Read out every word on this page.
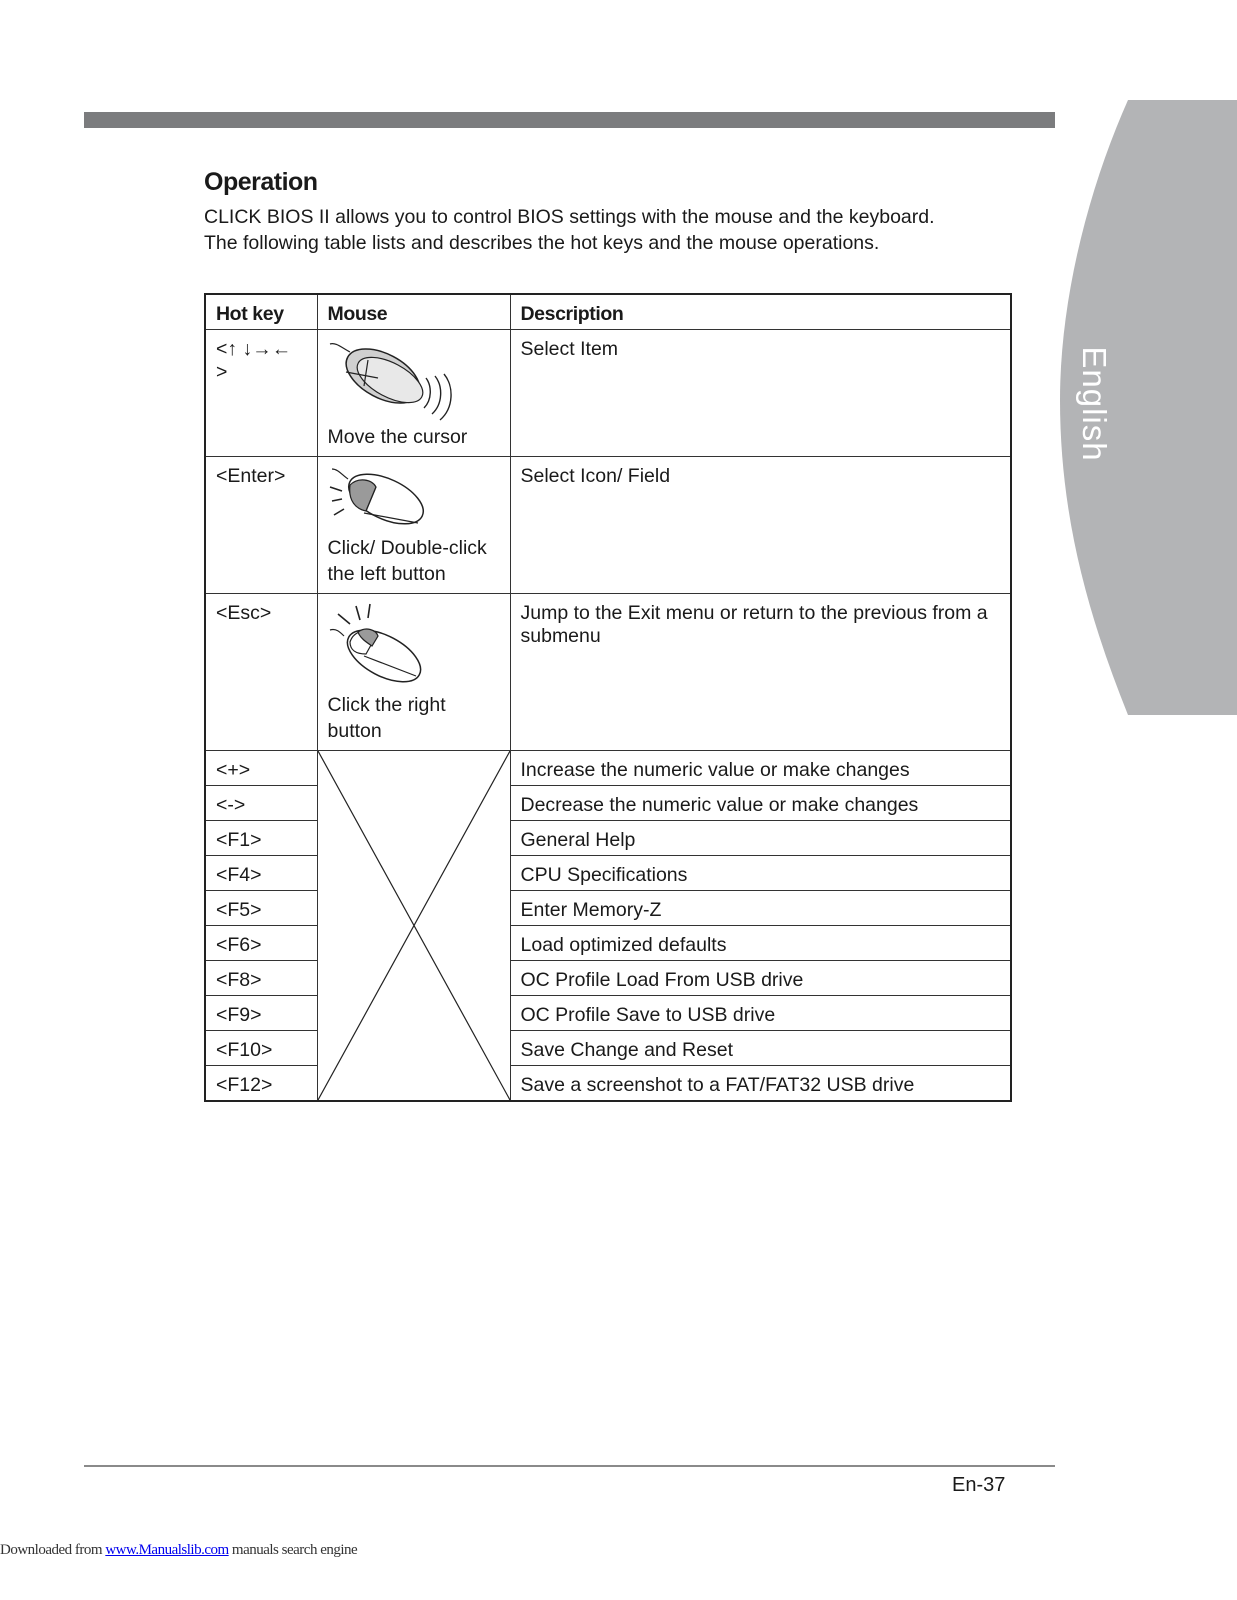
English
Operation

CLICK BIOS II allows you to control BIOS settings with the mouse and the keyboard.

The following table lists and describes the hot keys and the mouse operations.

Hot key	Mouse	Description
<↑ ↓→← >	Move the cursor	Select Item
<Enter>	Click/ Double-click the left button	Select Icon/ Field
<Esc>	Click the right button	Jump to the Exit menu or return to the previous from a submenu
<+>		Increase the numeric value or make changes
<->		Decrease the numeric value or make changes
<F1>		General Help
<F4>		CPU Specifications
<F5>		Enter Memory-Z
<F6>		Load optimized defaults
<F8>		OC Profile Load From USB drive
<F9>		OC Profile Save to USB drive
<F10>		Save Change and Reset
<F12>		Save a screenshot to a FAT/FAT32 USB drive
En-37
Downloaded from www.Manualslib.com manuals search engine
